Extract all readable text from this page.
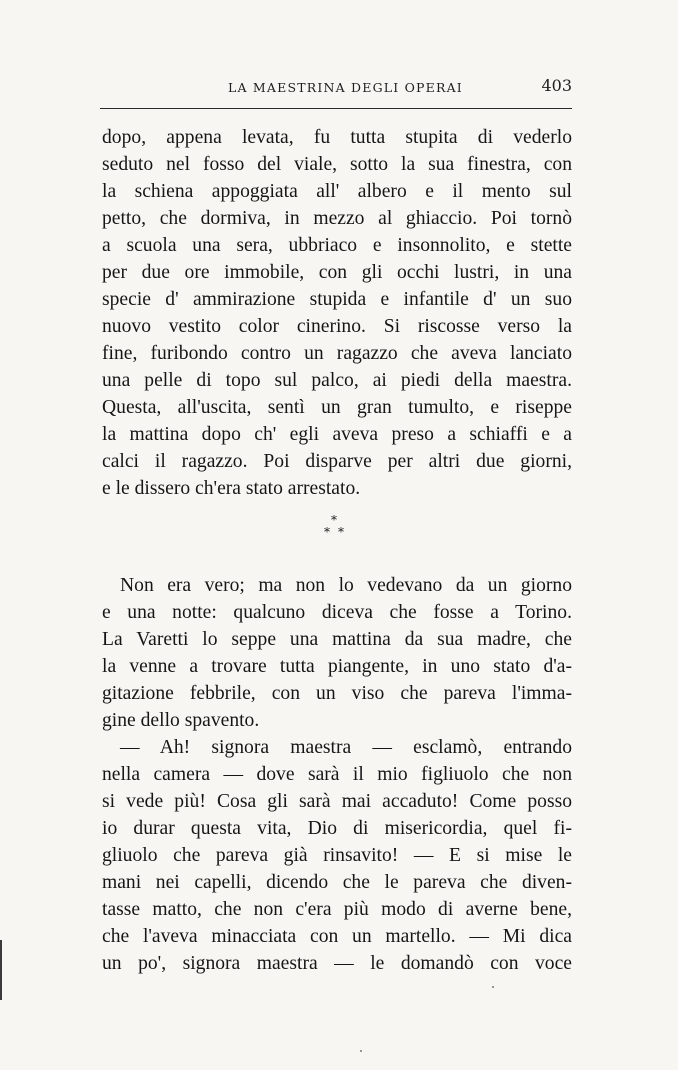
LA MAESTRINA DEGLI OPERAI	403
dopo, appena levata, fu tutta stupita di vederlo
seduto nel fosso del viale, sotto la sua finestra, con
la schiena appoggiata all' albero e il mento sul
petto, che dormiva, in mezzo al ghiaccio. Poi tornò
a scuola una sera, ubbriaco e insonnolito, e stette
per due ore immobile, con gli occhi lustri, in una
specie d' ammirazione stupida e infantile d' un suo
nuovo vestito color cinerino. Si riscosse verso la
fine, furibondo contro un ragazzo che aveva lanciato
una pelle di topo sul palco, ai piedi della maestra.
Questa, all'uscita, sentì un gran tumulto, e riseppe
la mattina dopo ch' egli aveva preso a schiaffi e a
calci il ragazzo. Poi disparve per altri due giorni,
e le dissero ch'era stato arrestato.
*
* *
Non era vero; ma non lo vedevano da un giorno
e una notte: qualcuno diceva che fosse a Torino.
La Varetti lo seppe una mattina da sua madre, che
la venne a trovare tutta piangente, in uno stato d'a-
gitazione febbrile, con un viso che pareva l'imma-
gine dello spavento.
— Ah! signora maestra — esclamò, entrando
nella camera — dove sarà il mio figliuolo che non
si vede più! Cosa gli sarà mai accaduto! Come posso
io durar questa vita, Dio di misericordia, quel fi-
gliuolo che pareva già rinsavito! — E si mise le
mani nei capelli, dicendo che le pareva che diven-
tasse matto, che non c'era più modo di averne bene,
che l'aveva minacciata con un martello. — Mi dica
un po', signora maestra — le domandò con voce
